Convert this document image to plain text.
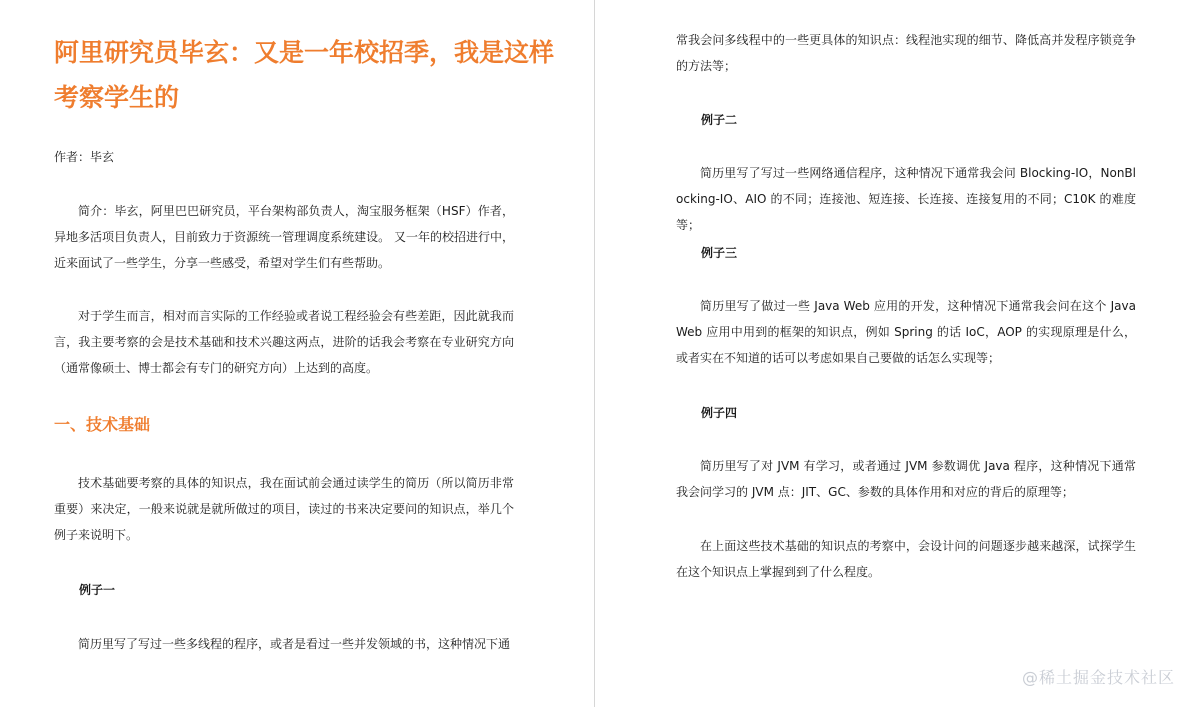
阿里研究员毕玄：又是一年校招季，我是这样考察学生的

作者：毕玄

简介：毕玄，阿里巴巴研究员，平台架构部负责人，淘宝服务框架（HSF）作者，异地多活项目负责人，目前致力于资源统一管理调度系统建设。 又一年的校招进行中，近来面试了一些学生，分享一些感受，希望对学生们有些帮助。

对于学生而言，相对而言实际的工作经验或者说工程经验会有些差距，因此就我而言，我主要考察的会是技术基础和技术兴趣这两点，进阶的话我会考察在专业研究方向（通常像硕士、博士都会有专门的研究方向）上达到的高度。

一、技术基础

技术基础要考察的具体的知识点，我在面试前会通过读学生的简历（所以简历非常重要）来决定，一般来说就是就所做过的项目，读过的书来决定要问的知识点，举几个例子来说明下。

例子一

简历里写了写过一些多线程的程序，或者是看过一些并发领域的书，这种情况下通

常我会问多线程中的一些更具体的知识点：线程池实现的细节、降低高并发程序锁竞争的方法等；

例子二

简历里写了写过一些网络通信程序，这种情况下通常我会问 Blocking-IO，NonBlocking-IO、AIO 的不同；连接池、短连接、长连接、连接复用的不同；C10K 的难度等；

例子三

简历里写了做过一些 Java Web 应用的开发，这种情况下通常我会问在这个 Java Web 应用中用到的框架的知识点，例如 Spring 的话 IoC，AOP 的实现原理是什么，或者实在不知道的话可以考虑如果自己要做的话怎么实现等；

例子四

简历里写了对 JVM 有学习，或者通过 JVM 参数调优 Java 程序，这种情况下通常我会问学习的 JVM 点：JIT、GC、参数的具体作用和对应的背后的原理等；

在上面这些技术基础的知识点的考察中，会设计问的问题逐步越来越深，试探学生在这个知识点上掌握到到了什么程度。

@稀土掘金技术社区
